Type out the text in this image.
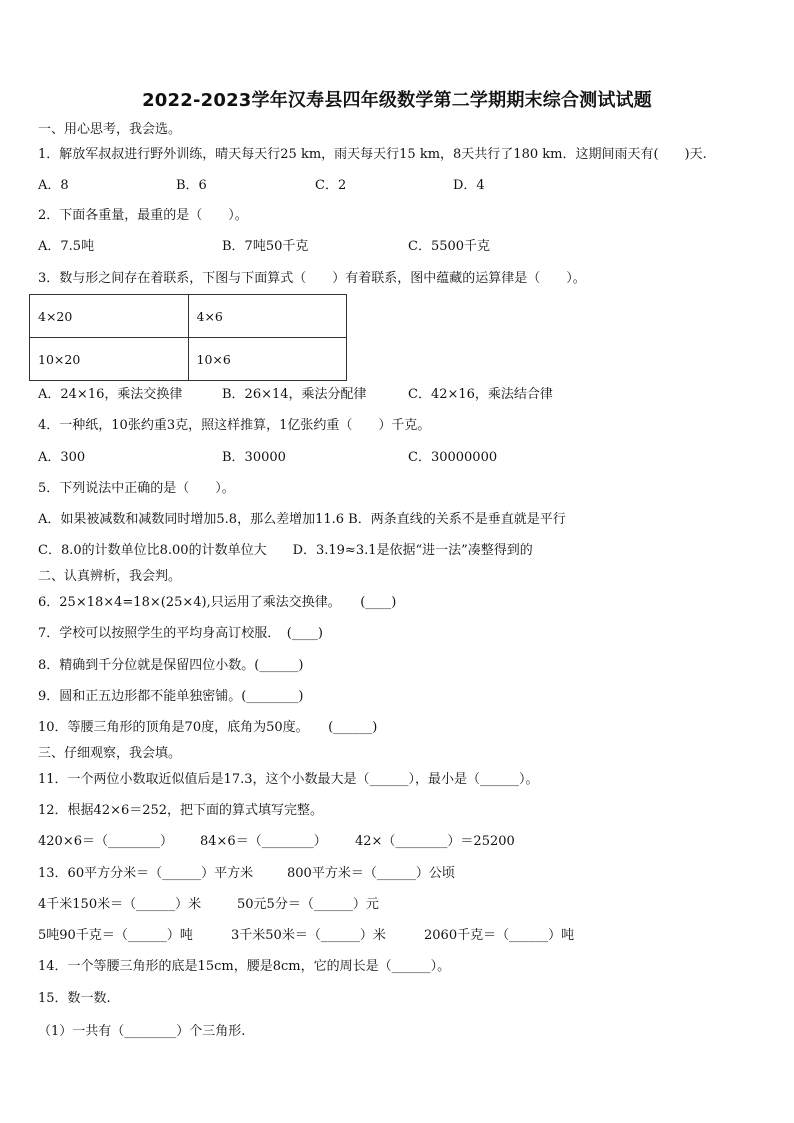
2022-2023学年汉寿县四年级数学第二学期期末综合测试试题
一、用心思考，我会选。
1．解放军叔叔进行野外训练，晴天每天行25 km，雨天每天行15 km，8天共行了180 km．这期间雨天有(　　)天.
A．8	B．6	C．2	D．4
2．下面各重量，最重的是（　　）。
A．7.5吨	B．7吨50千克	C．5500千克
3．数与形之间存在着联系，下图与下面算式（　　）有着联系，图中蕴藏的运算律是（　　）。
4×20	4×6
10×20	10×6
A．24×16，乘法交换律	B．26×14，乘法分配律	C．42×16，乘法结合律
4．一种纸，10张约重3克，照这样推算，1亿张约重（　　）千克。
A．300	B．30000	C．30000000
5．下列说法中正确的是（　　）。
A．如果被减数和减数同时增加5.8，那么差增加11.6 B．两条直线的关系不是垂直就是平行
C．8.0的计数单位比8.00的计数单位大　　D．3.19≈3.1是依据“进一法”凑整得到的
二、认真辨析，我会判。
6．25×18×4=18×(25×4),只运用了乘法交换律。　　(____)
7．学校可以按照学生的平均身高订校服．　(____)
8．精确到千分位就是保留四位小数。(______)
9．圆和正五边形都不能单独密铺。(________)
10．等腰三角形的顶角是70度，底角为50度。　　(______)
三、仔细观察，我会填。
11．一个两位小数取近似值后是17.3，这个小数最大是（______），最小是（______）。
12．根据42×6＝252，把下面的算式填写完整。
420×6＝（________） 84×6＝（________） 42×（________）＝25200
13．60平方分米＝（______）平方米	800平方米＝（______）公顷
4千米150米＝（______）米	50元5分＝（______）元
5吨90千克＝（______）吨	3千米50米＝（______）米	2060千克＝（______）吨
14．一个等腰三角形的底是15cm，腰是8cm，它的周长是（______）。
15．数一数.
（1）一共有（________）个三角形.
